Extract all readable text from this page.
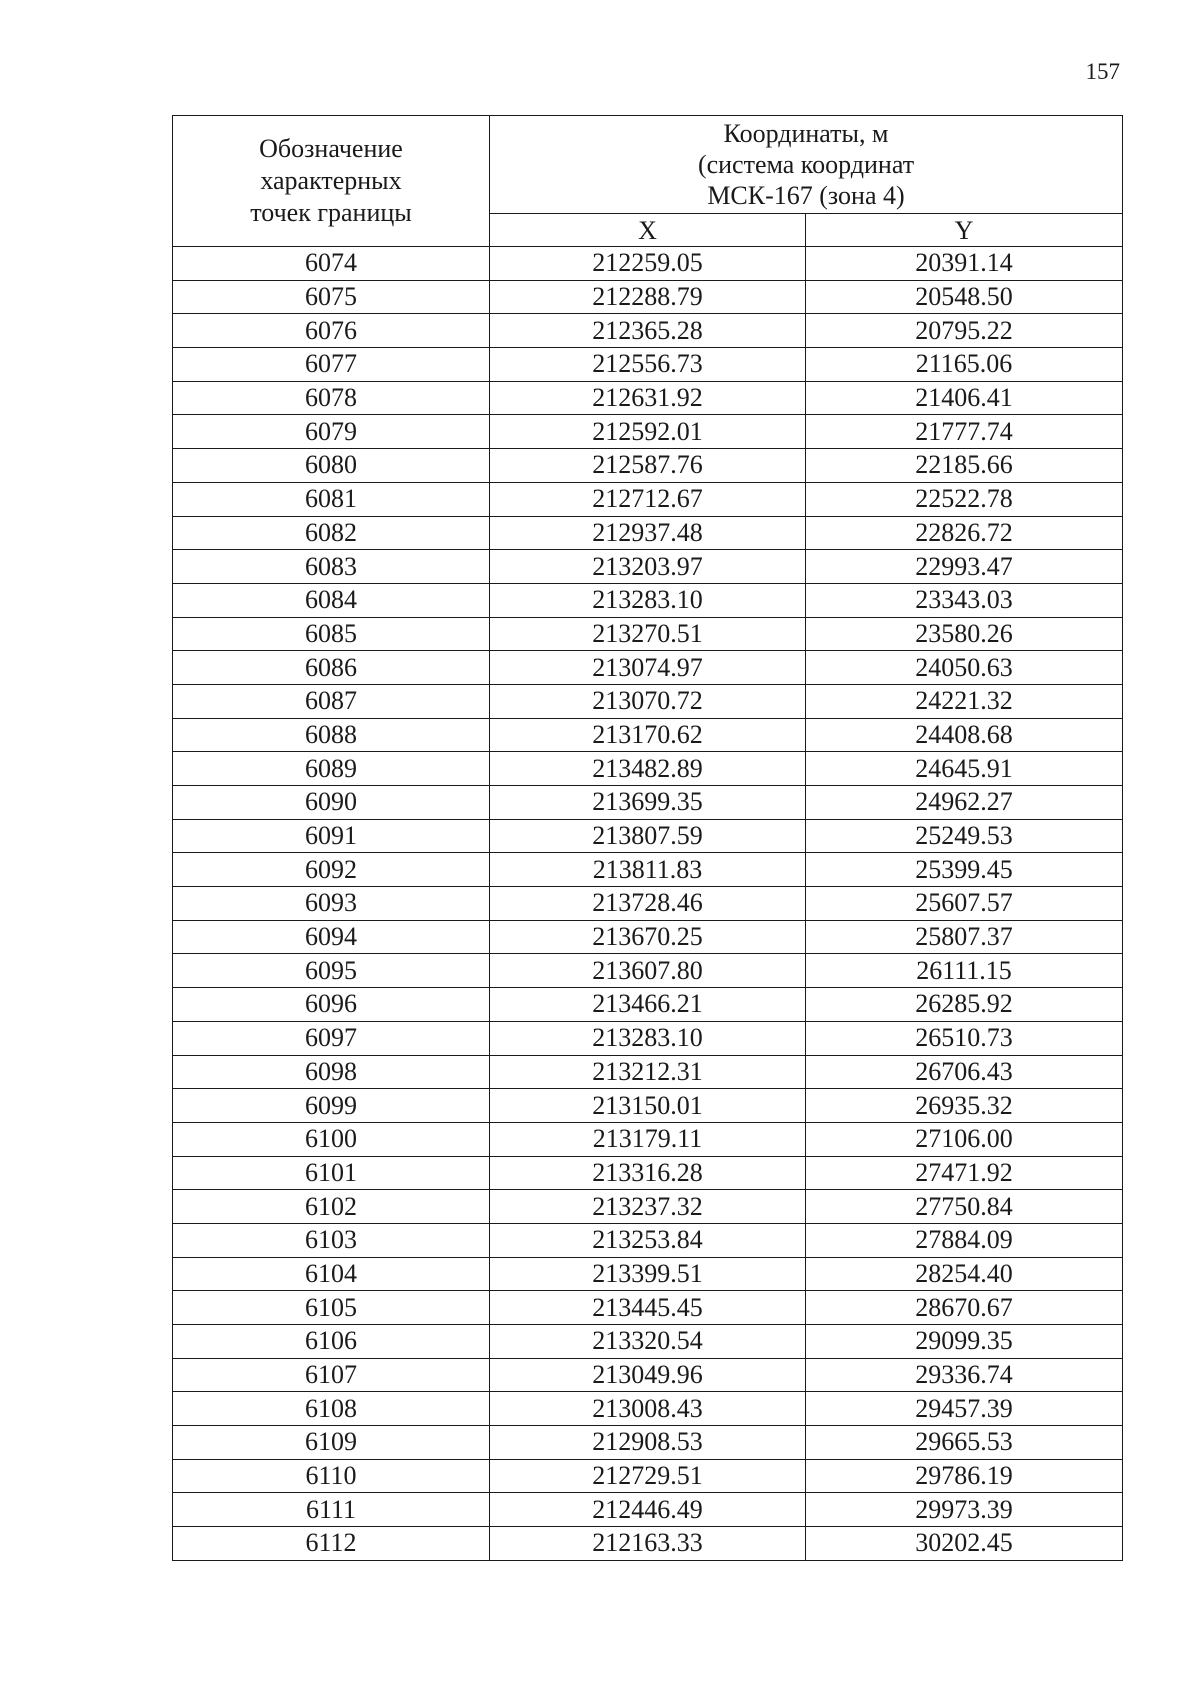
157
Обозначение
характерных
точек границы	Координаты, м
(система координат
МСК-167 (зона 4)	

	X	Y
6074	212259.05	20391.14
6075	212288.79	20548.50
6076	212365.28	20795.22
6077	212556.73	21165.06
6078	212631.92	21406.41
6079	212592.01	21777.74
6080	212587.76	22185.66
6081	212712.67	22522.78
6082	212937.48	22826.72
6083	213203.97	22993.47
6084	213283.10	23343.03
6085	213270.51	23580.26
6086	213074.97	24050.63
6087	213070.72	24221.32
6088	213170.62	24408.68
6089	213482.89	24645.91
6090	213699.35	24962.27
6091	213807.59	25249.53
6092	213811.83	25399.45
6093	213728.46	25607.57
6094	213670.25	25807.37
6095	213607.80	26111.15
6096	213466.21	26285.92
6097	213283.10	26510.73
6098	213212.31	26706.43
6099	213150.01	26935.32
6100	213179.11	27106.00
6101	213316.28	27471.92
6102	213237.32	27750.84
6103	213253.84	27884.09
6104	213399.51	28254.40
6105	213445.45	28670.67
6106	213320.54	29099.35
6107	213049.96	29336.74
6108	213008.43	29457.39
6109	212908.53	29665.53
6110	212729.51	29786.19
6111	212446.49	29973.39
6112	212163.33	30202.45
